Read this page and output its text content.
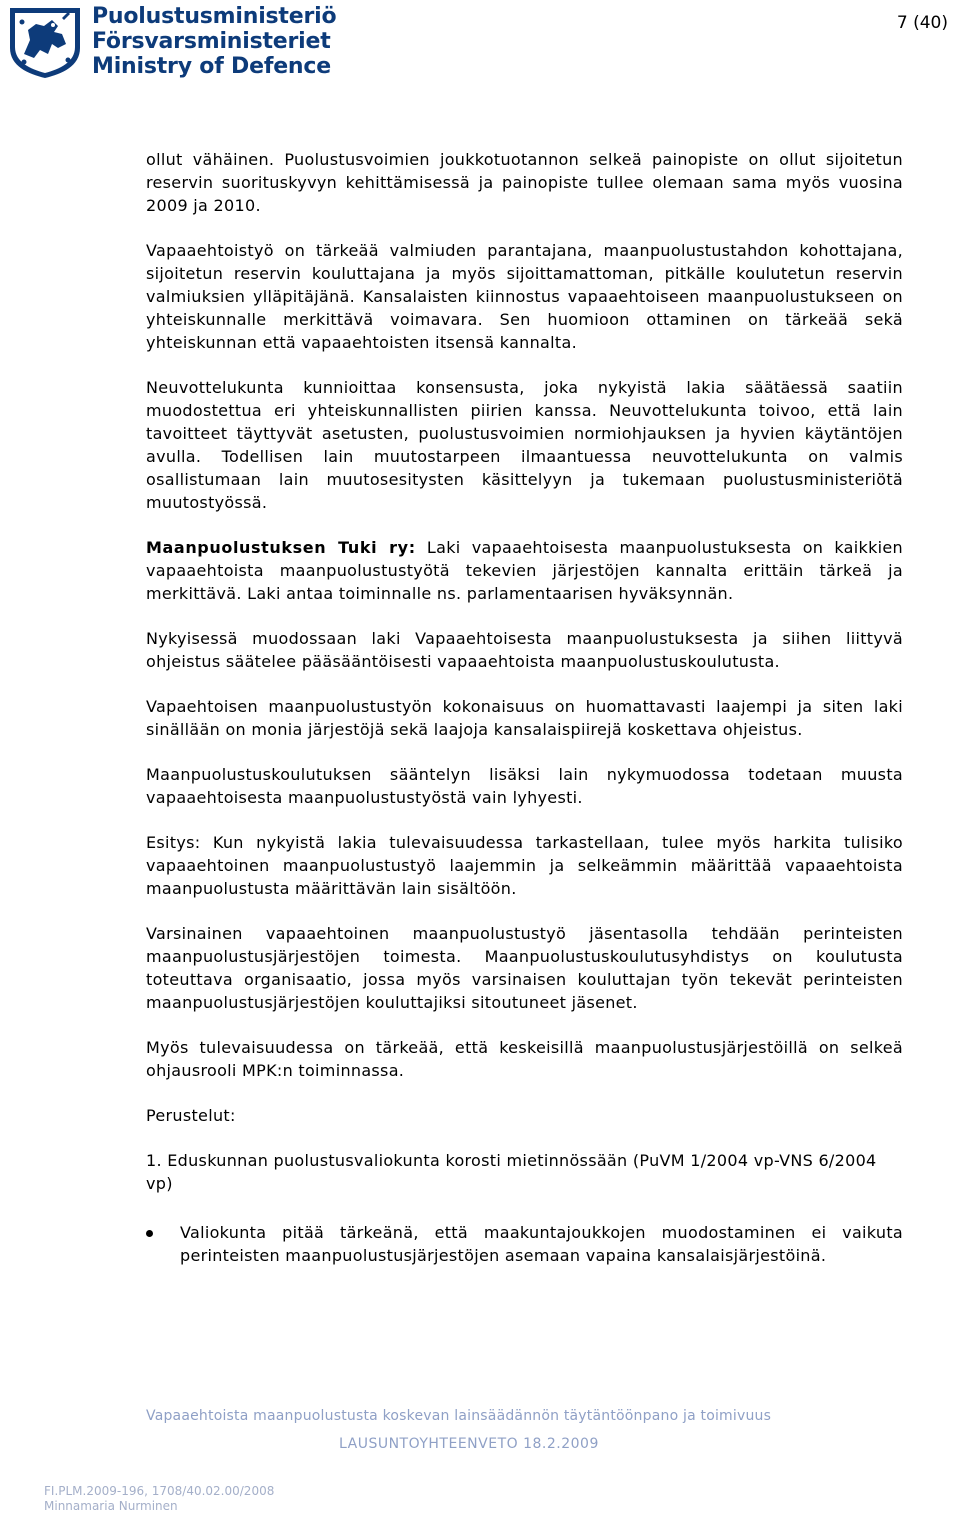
Puolustusministeriö
Försvarsministeriet
Ministry of Defence
7 (40)

ollut vähäinen. Puolustusvoimien joukkotuotannon selkeä painopiste on ollut sijoitetun reservin suorituskyvyn kehittämisessä ja painopiste tullee olemaan sama myös vuosina 2009 ja 2010.

Vapaaehtoistyö on tärkeää valmiuden parantajana, maanpuolustustahdon kohottajana, sijoitetun reservin kouluttajana ja myös sijoittamattoman, pitkälle koulutetun reservin valmiuksien ylläpitäjänä. Kansalaisten kiinnostus vapaaehtoiseen maanpuolustukseen on yhteiskunnalle merkittävä voimavara. Sen huomioon ottaminen on tärkeää sekä yhteiskunnan että vapaaehtoisten itsensä kannalta.

Neuvottelukunta kunnioittaa konsensusta, joka nykyistä lakia säätäessä saatiin muodostettua eri yhteiskunnallisten piirien kanssa. Neuvottelukunta toivoo, että lain tavoitteet täyttyvät asetusten, puolustusvoimien normiohjauksen ja hyvien käytäntöjen avulla. Todellisen lain muutostarpeen ilmaantuessa neuvottelukunta on valmis osallistumaan lain muutosesitysten käsittelyyn ja tukemaan puolustusministeriötä muutostyössä.

Maanpuolustuksen Tuki ry: Laki vapaaehtoisesta maanpuolustuksesta on kaikkien vapaaehtoista maanpuolustustyötä tekevien järjestöjen kannalta erittäin tärkeä ja merkittävä. Laki antaa toiminnalle ns. parlamentaarisen hyväksynnän.

Nykyisessä muodossaan laki Vapaaehtoisesta maanpuolustuksesta ja siihen liittyvä ohjeistus säätelee pääsääntöisesti vapaaehtoista maanpuolustuskoulutusta.

Vapaehtoisen maanpuolustustyön kokonaisuus on huomattavasti laajempi ja siten laki sinällään on monia järjestöjä sekä laajoja kansalaispiirejä koskettava ohjeistus.

Maanpuolustuskoulutuksen sääntelyn lisäksi lain nykymuodossa todetaan muusta vapaaehtoisesta maanpuolustustyöstä vain lyhyesti.

Esitys: Kun nykyistä lakia tulevaisuudessa tarkastellaan, tulee myös harkita tulisiko vapaaehtoinen maanpuolustustyö laajemmin ja selkeämmin määrittää vapaaehtoista maanpuolustusta määrittävän lain sisältöön.

Varsinainen vapaaehtoinen maanpuolustustyö jäsentasolla tehdään perinteisten maanpuolustusjärjestöjen toimesta. Maanpuolustuskoulutusyhdistys on koulutusta toteuttava organisaatio, jossa myös varsinaisen kouluttajan työn tekevät perinteisten maanpuolustusjärjestöjen kouluttajiksi sitoutuneet jäsenet.

Myös tulevaisuudessa on tärkeää, että keskeisillä maanpuolustusjärjestöillä on selkeä ohjausrooli MPK:n toiminnassa.

Perustelut:

1. Eduskunnan puolustusvaliokunta korosti mietinnössään (PuVM 1/2004 vp-VNS 6/2004 vp)

Valiokunta pitää tärkeänä, että maakuntajoukkojen muodostaminen ei vaikuta perinteisten maanpuolustusjärjestöjen asemaan vapaina kansalaisjärjestöinä.
Vapaaehtoista maanpuolustusta koskevan lainsäädännön täytäntöönpano ja toimivuus
LAUSUNTOYHTEENVETO 18.2.2009
FI.PLM.2009-196, 1708/40.02.00/2008
Minnamaria Nurminen
